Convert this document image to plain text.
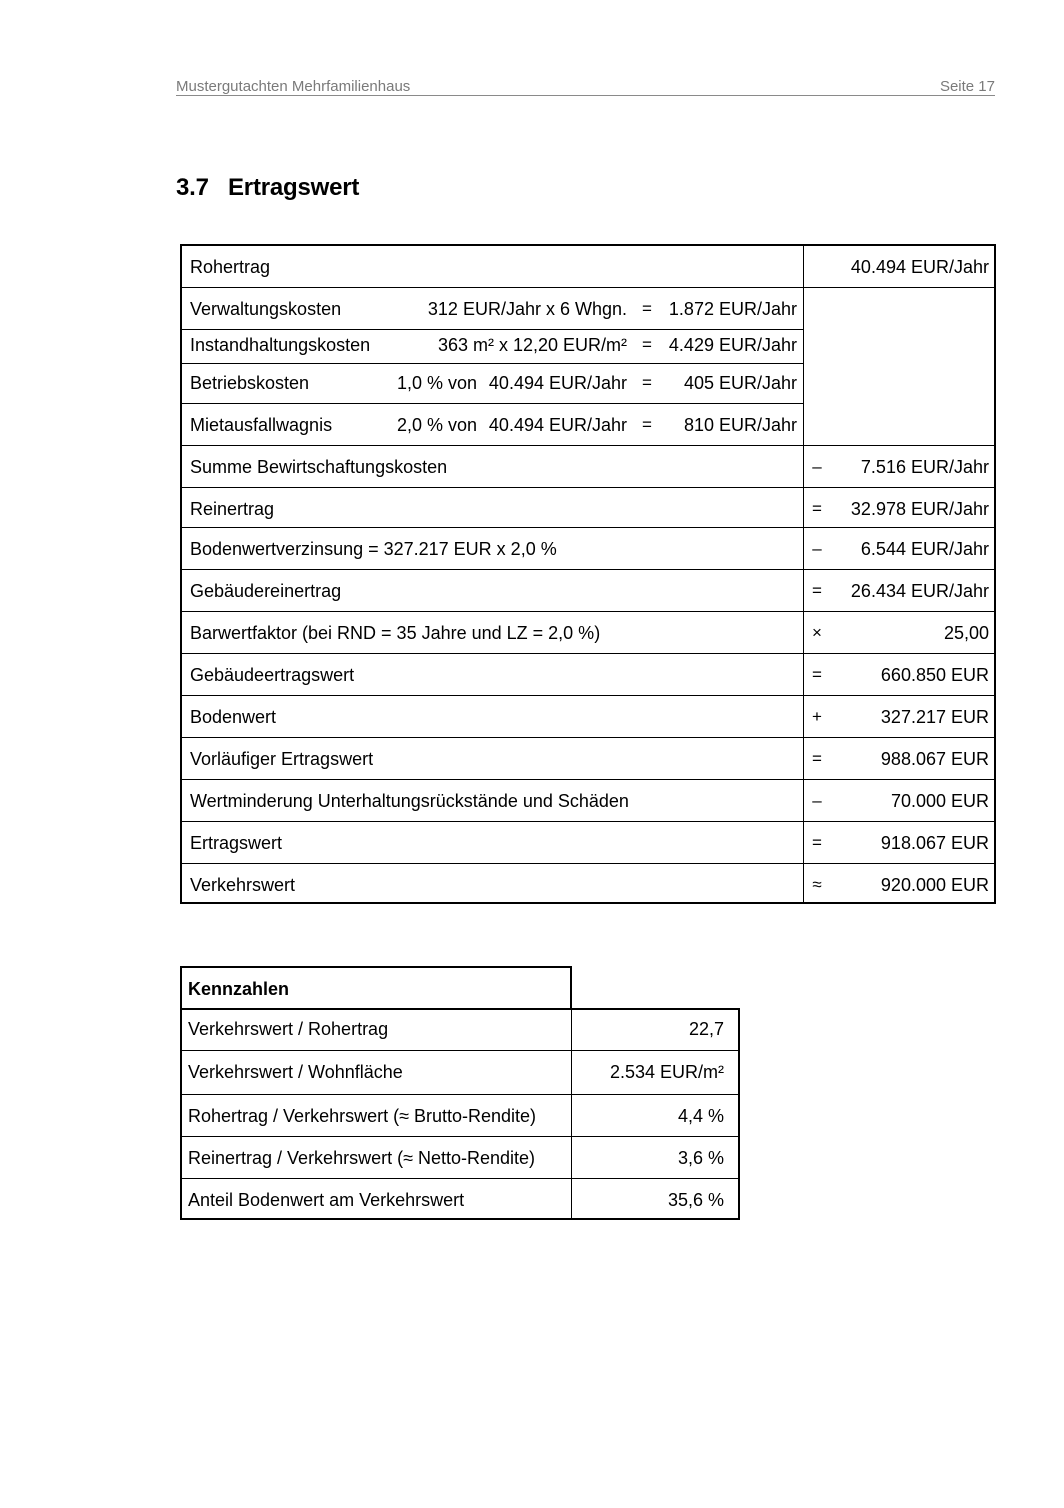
Mustergutachten Mehrfamilienhaus	Seite 17
3.7 Ertragswert
Rohertrag	40.494 EUR/Jahr
Verwaltungskosten	312 EUR/Jahr x 6 Whgn. = 1.872 EUR/Jahr
Instandhaltungskosten	363 m² x 12,20 EUR/m² = 4.429 EUR/Jahr
Betriebskosten	1,0 % von 40.494 EUR/Jahr = 405 EUR/Jahr
Mietausfallwagnis	2,0 % von 40.494 EUR/Jahr = 810 EUR/Jahr
Summe Bewirtschaftungskosten	– 7.516 EUR/Jahr
Reinertrag	= 32.978 EUR/Jahr
Bodenwertverzinsung = 327.217 EUR x 2,0 %	– 6.544 EUR/Jahr
Gebäudereinertrag	= 26.434 EUR/Jahr
Barwertfaktor (bei RND = 35 Jahre und LZ = 2,0 %)	×	25,00
Gebäudeertragswert	=	660.850 EUR
Bodenwert	+	327.217 EUR
Vorläufiger Ertragswert	=	988.067 EUR
Wertminderung Unterhaltungsrückstände und Schäden	–	70.000 EUR
Ertragswert	=	918.067 EUR
Verkehrswert	≈	920.000 EUR
Kennzahlen
Verkehrswert / Rohertrag	22,7
Verkehrswert / Wohnfläche	2.534 EUR/m²
Rohertrag / Verkehrswert (≈ Brutto-Rendite)	4,4 %
Reinertrag / Verkehrswert (≈ Netto-Rendite)	3,6 %
Anteil Bodenwert am Verkehrswert	35,6 %
